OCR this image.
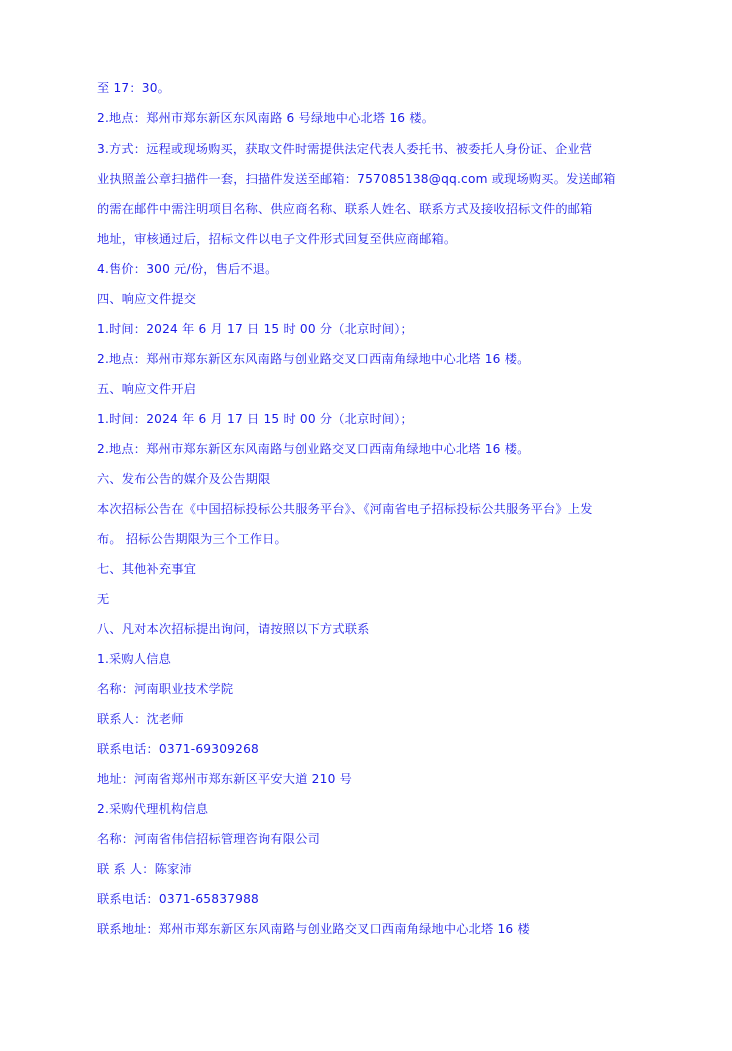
至 17：30。
2.地点：郑州市郑东新区东风南路 6 号绿地中心北塔 16 楼。
3.方式：远程或现场购买，获取文件时需提供法定代表人委托书、被委托人身份证、企业营
业执照盖公章扫描件一套，扫描件发送至邮箱：757085138@qq.com 或现场购买。发送邮箱
的需在邮件中需注明项目名称、供应商名称、联系人姓名、联系方式及接收招标文件的邮箱
地址，审核通过后，招标文件以电子文件形式回复至供应商邮箱。
4.售价：300 元/份，售后不退。
四、响应文件提交
1.时间：2024 年 6 月 17 日 15 时 00 分（北京时间）；
2.地点：郑州市郑东新区东风南路与创业路交叉口西南角绿地中心北塔 16 楼。
五、响应文件开启
1.时间：2024 年 6 月 17 日 15 时 00 分（北京时间）；
2.地点：郑州市郑东新区东风南路与创业路交叉口西南角绿地中心北塔 16 楼。
六、发布公告的媒介及公告期限
本次招标公告在《中国招标投标公共服务平台》、《河南省电子招标投标公共服务平台》上发
布。 招标公告期限为三个工作日。
七、其他补充事宜
无
八、凡对本次招标提出询问，请按照以下方式联系
1.采购人信息
名称：河南职业技术学院
联系人：沈老师
联系电话：0371-69309268
地址：河南省郑州市郑东新区平安大道 210 号
2.采购代理机构信息
名称：河南省伟信招标管理咨询有限公司
联 系 人：陈家沛
联系电话：0371-65837988
联系地址：郑州市郑东新区东风南路与创业路交叉口西南角绿地中心北塔 16 楼
